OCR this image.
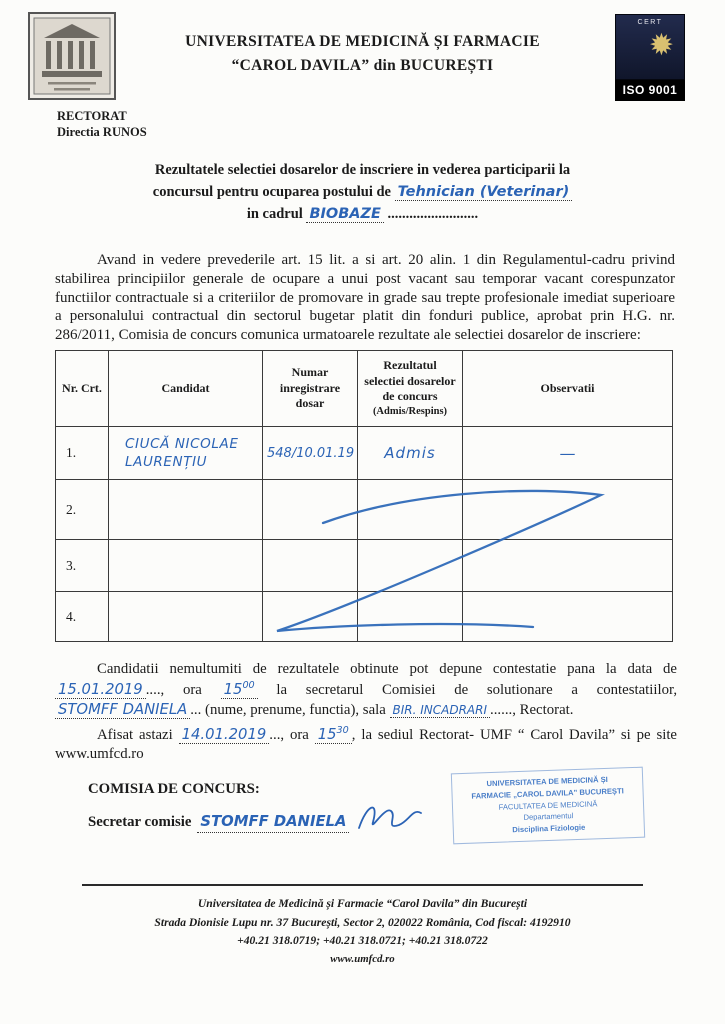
UNIVERSITATEA DE MEDICINĂ ȘI FARMACIE
“CAROL DAVILA” din BUCUREȘTI
CERT
✹
ISO 9001
RECTORAT
Directia RUNOS
Rezultatele selectiei dosarelor de inscriere in vederea participarii la
concursul pentru ocuparea postului de Tehnician (Veterinar)
in cadrul BIOBAZE .........................

Avand in vedere prevederile art. 15 lit. a si art. 20 alin. 1 din Regulamentul-cadru privind stabilirea principiilor generale de ocupare a unui post vacant sau temporar vacant corespunzator functiilor contractuale si a criteriilor de promovare in grade sau trepte profesionale imediat superioare a personalului contractual din sectorul bugetar platit din fonduri publice, aprobat prin H.G. nr. 286/2011, Comisia de concurs comunica urmatoarele rezultate ale selectiei dosarelor de inscriere:

Nr. Crt.	Candidat	Numar inregistrare dosar	Rezultatul selectiei dosarelor de concurs
(Admis/Respins)	Observatii
1.	CIUCĂ NICOLAE
LAURENȚIU	548/10.01.19	Admis	—
2.				
3.				
4.				

Candidatii nemultumiti de rezultatele obtinute pot depune contestatie pana la data de 15.01.2019 ...., ora $15^{00}$ la secretarul Comisiei de solutionare a contestatiilor, STOMFF DANIELA ... (nume, prenume, functia), sala BIR. INCADRARI ......, Rectorat.

Afisat astazi 14.01.2019 ..., ora $15^{30}$ , la sediul Rectorat- UMF “ Carol Davila” si pe site www.umfcd.ro

COMISIA DE CONCURS:
Secretar comisie STOMFF DANIELA
UNIVERSITATEA DE MEDICINĂ ȘI
FARMACIE „CAROL DAVILA” BUCUREȘTI
FACULTATEA DE MEDICINĂ
Departamentul
Disciplina Fiziologie
Universitatea de Medicină și Farmacie “Carol Davila” din București
Strada Dionisie Lupu nr. 37 București, Sector 2, 020022 România, Cod fiscal: 4192910
+40.21 318.0719; +40.21 318.0721; +40.21 318.0722
www.umfcd.ro
